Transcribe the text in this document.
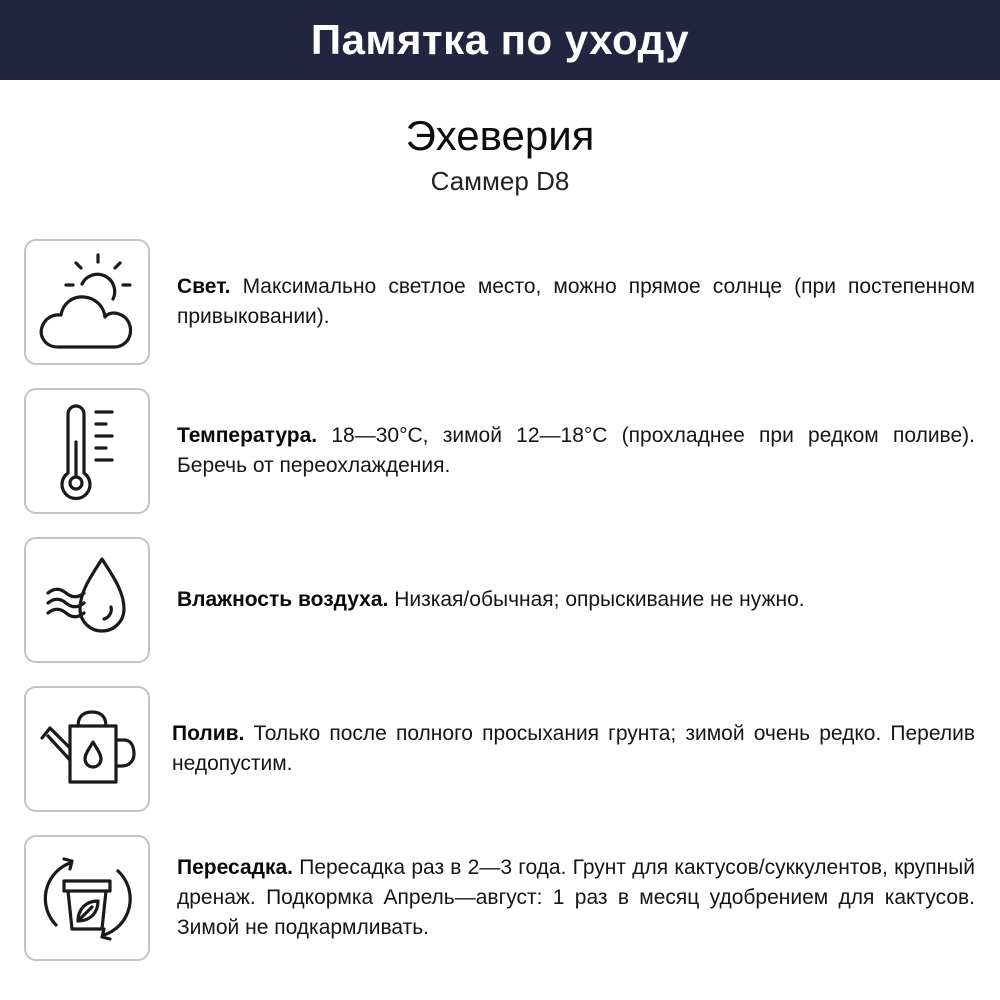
Памятка по уходу
Эхеверия
Саммер D8

Свет. Максимально светлое место, можно прямое солнце (при постепенном привыковании).

Температура. 18—30°C, зимой 12—18°C (прохладнее при редком поливе). Беречь от переохлаждения.

Влажность воздуха. Низкая/обычная; опрыскивание не нужно.

Полив. Только после полного просыхания грунта; зимой очень редко. Перелив недопустим.

Пересадка. Пересадка раз в 2—3 года. Грунт для кактусов/суккулентов, крупный дренаж. Подкормка Апрель—август: 1 раз в месяц удобрением для кактусов. Зимой не подкармливать.
